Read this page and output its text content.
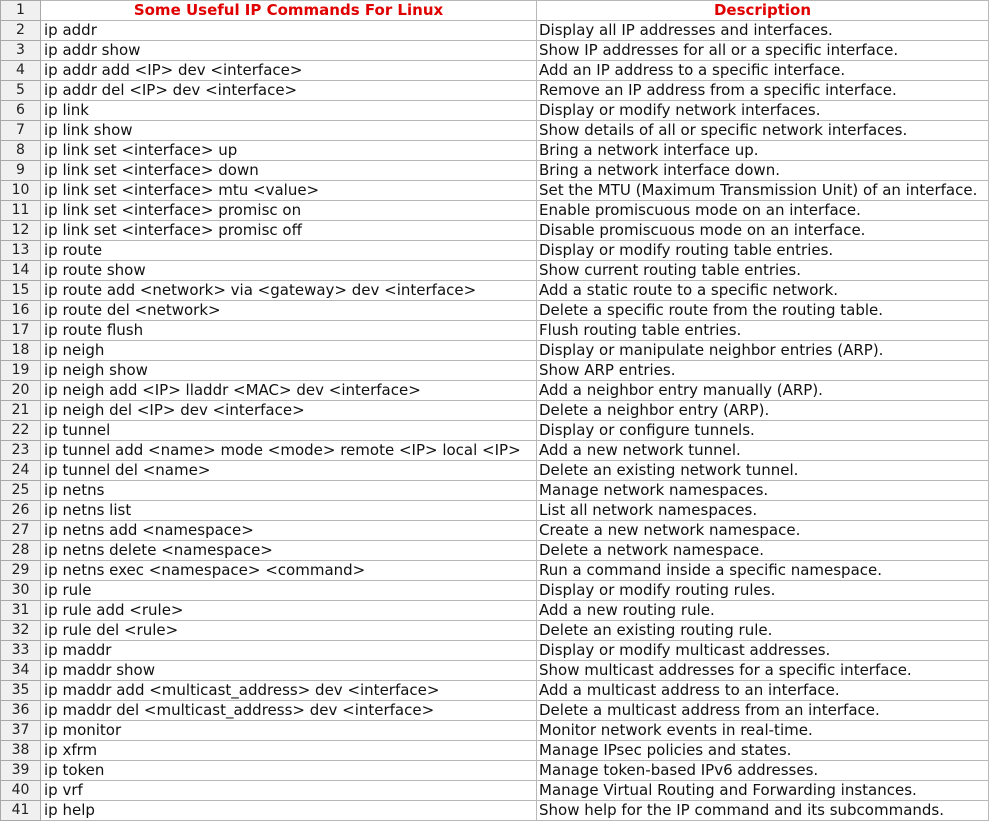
1	Some Useful IP Commands For Linux	Description
2	ip addr	Display all IP addresses and interfaces.
3	ip addr show	Show IP addresses for all or a specific interface.
4	ip addr add <IP> dev <interface>	Add an IP address to a specific interface.
5	ip addr del <IP> dev <interface>	Remove an IP address from a specific interface.
6	ip link	Display or modify network interfaces.
7	ip link show	Show details of all or specific network interfaces.
8	ip link set <interface> up	Bring a network interface up.
9	ip link set <interface> down	Bring a network interface down.
10	ip link set <interface> mtu <value>	Set the MTU (Maximum Transmission Unit) of an interface.
11	ip link set <interface> promisc on	Enable promiscuous mode on an interface.
12	ip link set <interface> promisc off	Disable promiscuous mode on an interface.
13	ip route	Display or modify routing table entries.
14	ip route show	Show current routing table entries.
15	ip route add <network> via <gateway> dev <interface>	Add a static route to a specific network.
16	ip route del <network>	Delete a specific route from the routing table.
17	ip route flush	Flush routing table entries.
18	ip neigh	Display or manipulate neighbor entries (ARP).
19	ip neigh show	Show ARP entries.
20	ip neigh add <IP> lladdr <MAC> dev <interface>	Add a neighbor entry manually (ARP).
21	ip neigh del <IP> dev <interface>	Delete a neighbor entry (ARP).
22	ip tunnel	Display or configure tunnels.
23	ip tunnel add <name> mode <mode> remote <IP> local <IP>	Add a new network tunnel.
24	ip tunnel del <name>	Delete an existing network tunnel.
25	ip netns	Manage network namespaces.
26	ip netns list	List all network namespaces.
27	ip netns add <namespace>	Create a new network namespace.
28	ip netns delete <namespace>	Delete a network namespace.
29	ip netns exec <namespace> <command>	Run a command inside a specific namespace.
30	ip rule	Display or modify routing rules.
31	ip rule add <rule>	Add a new routing rule.
32	ip rule del <rule>	Delete an existing routing rule.
33	ip maddr	Display or modify multicast addresses.
34	ip maddr show	Show multicast addresses for a specific interface.
35	ip maddr add <multicast_address> dev <interface>	Add a multicast address to an interface.
36	ip maddr del <multicast_address> dev <interface>	Delete a multicast address from an interface.
37	ip monitor	Monitor network events in real-time.
38	ip xfrm	Manage IPsec policies and states.
39	ip token	Manage token-based IPv6 addresses.
40	ip vrf	Manage Virtual Routing and Forwarding instances.
41	ip help	Show help for the IP command and its subcommands.
